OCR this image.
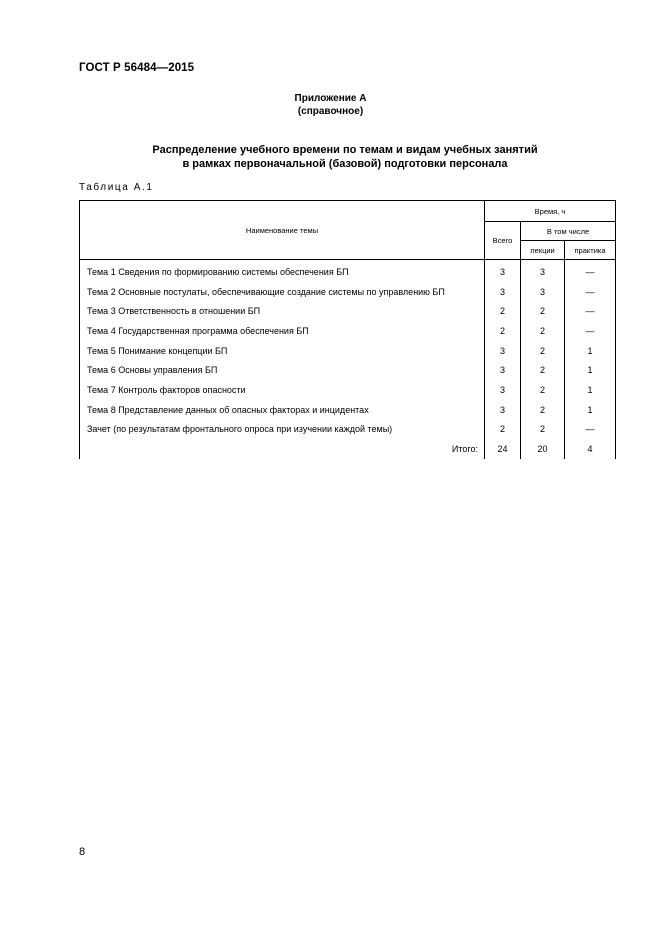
ГОСТ Р 56484—2015
Приложение А
(справочное)
Распределение учебного времени по темам и видам учебных занятий
в рамках первоначальной (базовой) подготовки персонала
Таблица А.1
Наименование темы	Время, ч		
	Всего	В том числе	
		лекции	практика
Тема 1 Сведения по формированию системы обеспечения БП	3	3	—
Тема 2 Основные постулаты, обеспечивающие создание системы по управлению БП	3	3	—
Тема 3 Ответственность в отношении БП	2	2	—
Тема 4 Государственная программа обеспечения БП	2	2	—
Тема 5 Понимание концепции БП	3	2	1
Тема 6 Основы управления БП	3	2	1
Тема 7 Контроль факторов опасности	3	2	1
Тема 8 Представление данных об опасных факторах и инцидентах	3	2	1
Зачет (по результатам фронтального опроса при изучении каждой темы)	2	2	—
Итого:	24	20	4
8
